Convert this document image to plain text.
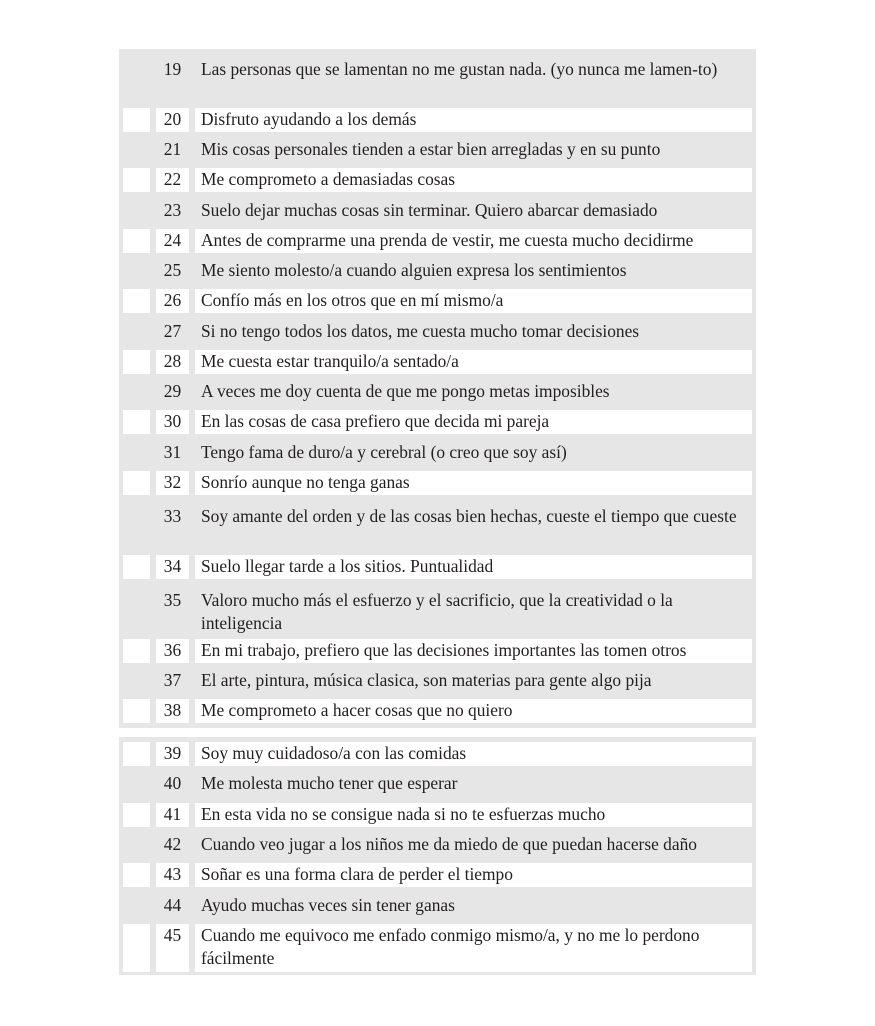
19	Las personas que se lamentan no me gustan nada. (yo nunca me lamen-to)
20	Disfruto ayudando a los demás
21	Mis cosas personales tienden a estar bien arregladas y en su punto
22	Me comprometo a demasiadas cosas
23	Suelo dejar muchas cosas sin terminar. Quiero abarcar demasiado
24	Antes de comprarme una prenda de vestir, me cuesta mucho decidirme
25	Me siento molesto/a cuando alguien expresa los sentimientos
26	Confío más en los otros que en mí mismo/a
27	Si no tengo todos los datos, me cuesta mucho tomar decisiones
28	Me cuesta estar tranquilo/a sentado/a
29	A veces me doy cuenta de que me pongo metas imposibles
30	En las cosas de casa prefiero que decida mi pareja
31	Tengo fama de duro/a y cerebral (o creo que soy así)
32	Sonrío aunque no tenga ganas
33	Soy amante del orden y de las cosas bien hechas, cueste el tiempo que cueste
34	Suelo llegar tarde a los sitios. Puntualidad
35	Valoro mucho más el esfuerzo y el sacrificio, que la creatividad o la inteligencia
36	En mi trabajo, prefiero que las decisiones importantes las tomen otros
37	El arte, pintura, música clasica, son materias para gente algo pija
38	Me comprometo a hacer cosas que no quiero
39	Soy muy cuidadoso/a con las comidas
40	Me molesta mucho tener que esperar
41	En esta vida no se consigue nada si no te esfuerzas mucho
42	Cuando veo jugar a los niños me da miedo de que puedan hacerse daño
43	Soñar es una forma clara de perder el tiempo
44	Ayudo muchas veces sin tener ganas
45	Cuando me equivoco me enfado conmigo mismo/a, y no me lo perdono fácilmente
